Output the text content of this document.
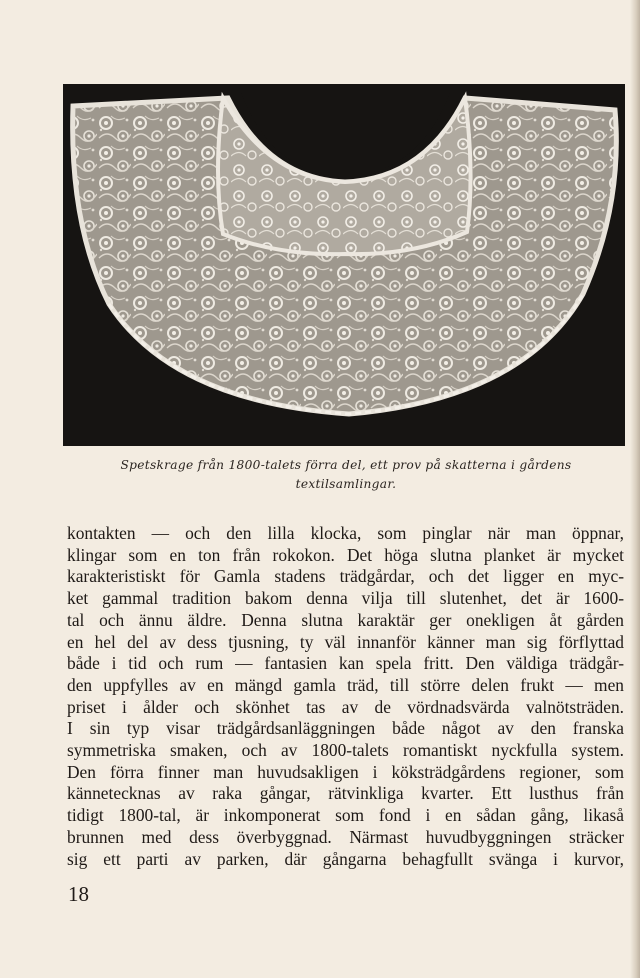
Spetskrage från 1800-talets förra del, ett prov på skatterna i gårdens
textilsamlingar.
kontakten — och den lilla klocka, som pinglar när man öppnar,
klingar som en ton från rokokon. Det höga slutna planket är mycket
karakteristiskt för Gamla stadens trädgårdar, och det ligger en myc-
ket gammal tradition bakom denna vilja till slutenhet, det är 1600-
tal och ännu äldre. Denna slutna karaktär ger onekligen åt gården
en hel del av dess tjusning, ty väl innanför känner man sig förflyttad
både i tid och rum — fantasien kan spela fritt. Den väldiga trädgår-
den uppfylles av en mängd gamla träd, till större delen frukt — men
priset i ålder och skönhet tas av de vördnadsvärda valnötsträden.
I sin typ visar trädgårdsanläggningen både något av den franska
symmetriska smaken, och av 1800-talets romantiskt nyckfulla system.
Den förra finner man huvudsakligen i köksträdgårdens regioner, som
kännetecknas av raka gångar, rätvinkliga kvarter. Ett lusthus från
tidigt 1800-tal, är inkomponerat som fond i en sådan gång, likaså
brunnen med dess överbyggnad. Närmast huvudbyggningen sträcker
sig ett parti av parken, där gångarna behagfullt svänga i kurvor,
18
